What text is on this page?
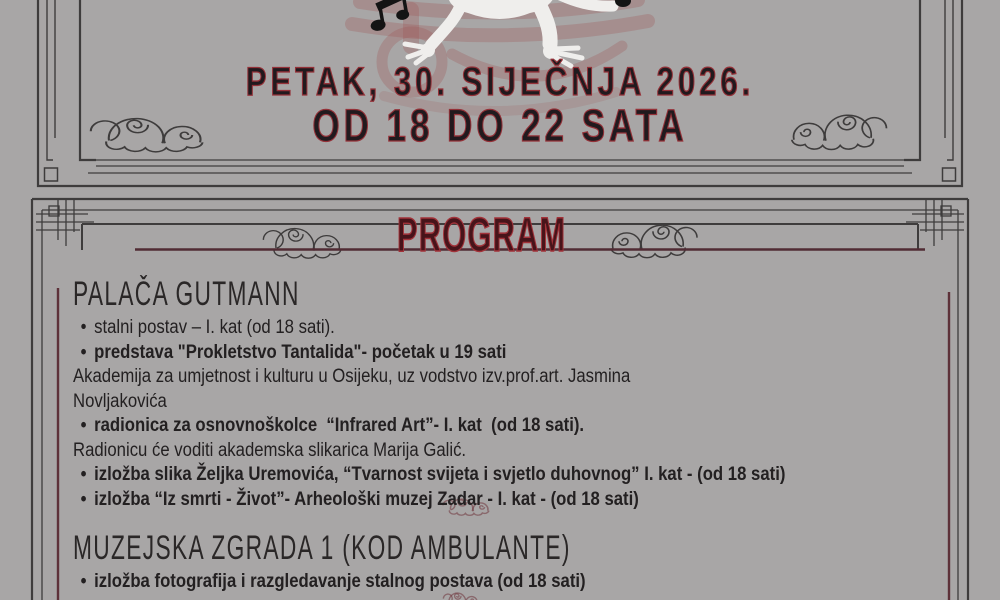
PETAK, 30. SIJEČNJA 2026.
OD 18 DO 22 SATA
PROGRAM
PALAČA GUTMANN
• stalni postav – I. kat (od 18 sati).
• predstava "Prokletstvo Tantalida"- početak u 19 sati
Akademija za umjetnost i kulturu u Osijeku, uz vodstvo izv.prof.art. Jasmina
Novljakovića
• radionica za osnovnoškolce  “Infrared Art”- I. kat  (od 18 sati).
Radionicu će voditi akademska slikarica Marija Galić.
• izložba slika Željka Uremovića, “Tvarnost svijeta i svjetlo duhovnog” I. kat - (od 18 sati)
• izložba “Iz smrti - Život”- Arheološki muzej Zadar - I. kat - (od 18 sati)
MUZEJSKA ZGRADA 1 (KOD AMBULANTE)
• izložba fotografija i razgledavanje stalnog postava (od 18 sati)
